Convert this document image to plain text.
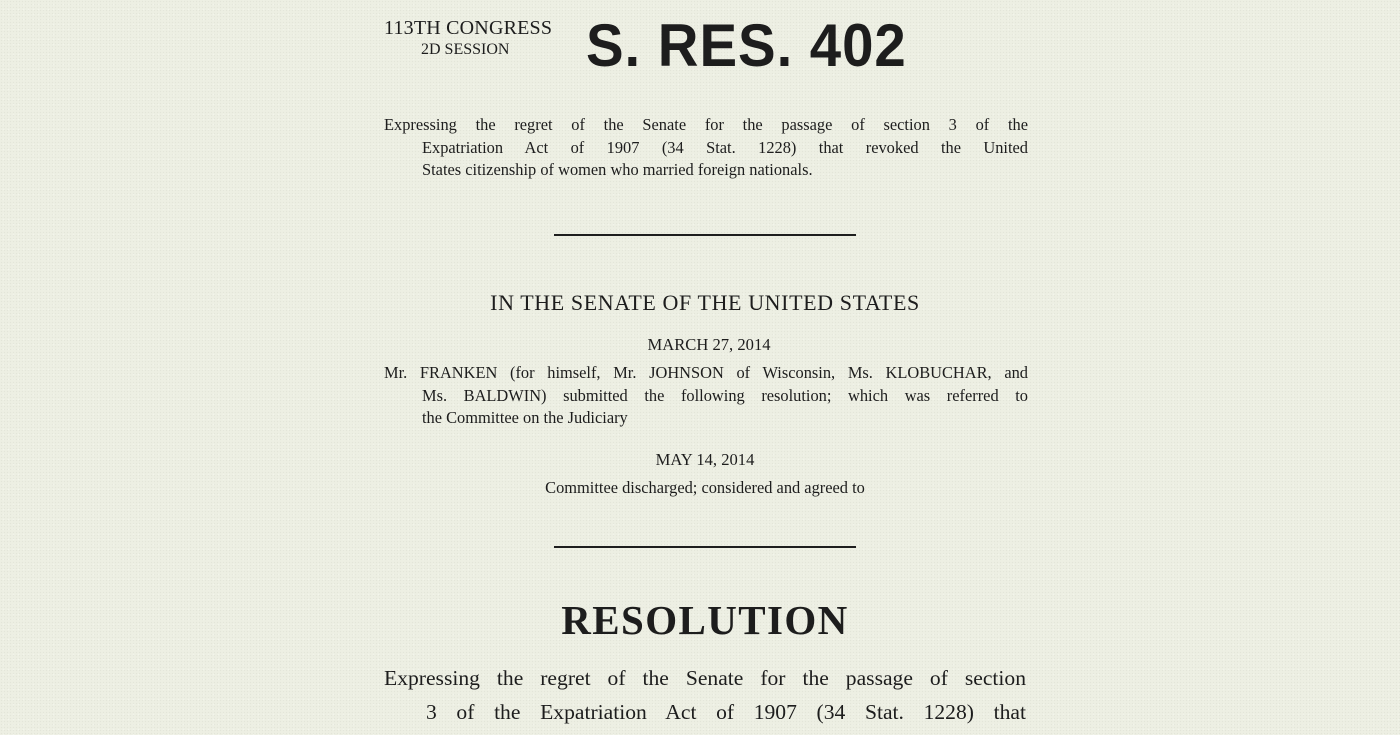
113TH CONGRESS
2D SESSION S. RES. 402
Expressing the regret of the Senate for the passage of section 3 of the
Expatriation Act of 1907 (34 Stat. 1228) that revoked the United
States citizenship of women who married foreign nationals.
IN THE SENATE OF THE UNITED STATES
MARCH 27, 2014
Mr. FRANKEN (for himself, Mr. JOHNSON of Wisconsin, Ms. KLOBUCHAR, and
Ms. BALDWIN) submitted the following resolution; which was referred to
the Committee on the Judiciary
MAY 14, 2014
Committee discharged; considered and agreed to
RESOLUTION
Expressing the regret of the Senate for the passage of section
3 of the Expatriation Act of 1907 (34 Stat. 1228) that
